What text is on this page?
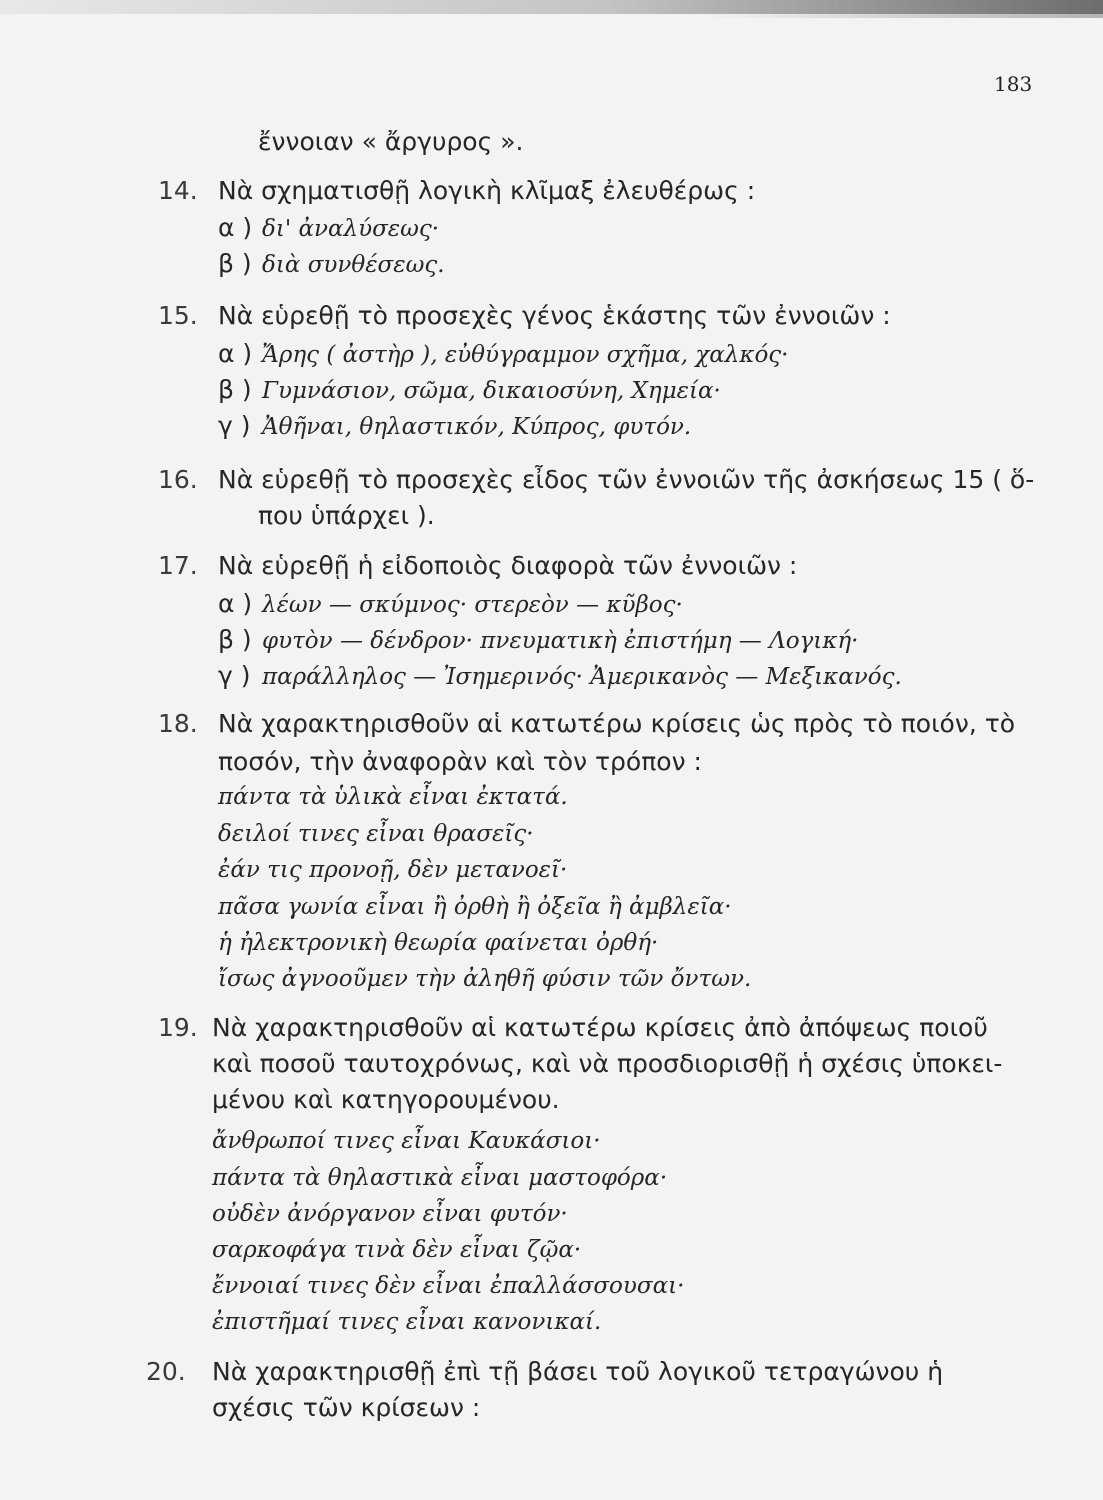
183
ἔννοιαν « ἄργυρος ».
14. Νὰ σχηματισθῇ λογικὴ κλῖμαξ ἐλευθέρως :
α ) δι' ἀναλύσεως·
β ) διὰ συνθέσεως.
15. Νὰ εὑρεθῇ τὸ προσεχὲς γένος ἑκάστης τῶν ἐννοιῶν :
α ) Ἄρης ( ἀστὴρ ), εὐθύγραμμον σχῆμα, χαλκός·
β ) Γυμνάσιον, σῶμα, δικαιοσύνη, Χημεία·
γ ) Ἀθῆναι, θηλαστικόν, Κύπρος, φυτόν.
16. Νὰ εὑρεθῇ τὸ προσεχὲς εἶδος τῶν ἐννοιῶν τῆς ἀσκήσεως 15 ( ὅ-
που ὑπάρχει ).
17. Νὰ εὑρεθῇ ἡ εἰδοποιὸς διαφορὰ τῶν ἐννοιῶν :
α ) λέων — σκύμνος· στερεὸν — κῦβος·
β ) φυτὸν — δένδρον· πνευματικὴ ἐπιστήμη — Λογική·
γ ) παράλληλος — Ἰσημερινός· Ἀμερικανὸς — Μεξικανός.
18. Νὰ χαρακτηρισθοῦν αἱ κατωτέρω κρίσεις ὡς πρὸς τὸ ποιόν, τὸ
ποσόν, τὴν ἀναφορὰν καὶ τὸν τρόπον :
πάντα τὰ ὑλικὰ εἶναι ἐκτατά.
δειλοί τινες εἶναι θρασεῖς·
ἐάν τις προνοῇ, δὲν μετανοεῖ·
πᾶσα γωνία εἶναι ἢ ὀρθὴ ἢ ὀξεῖα ἢ ἀμβλεῖα·
ἡ ἠλεκτρονικὴ θεωρία φαίνεται ὀρθή·
ἴσως ἀγνοοῦμεν τὴν ἀληθῆ φύσιν τῶν ὄντων.
19. Νὰ χαρακτηρισθοῦν αἱ κατωτέρω κρίσεις ἀπὸ ἀπόψεως ποιοῦ
καὶ ποσοῦ ταυτοχρόνως, καὶ νὰ προσδιορισθῇ ἡ σχέσις ὑποκει-
μένου καὶ κατηγορουμένου.
ἄνθρωποί τινες εἶναι Καυκάσιοι·
πάντα τὰ θηλαστικὰ εἶναι μαστοφόρα·
οὐδὲν ἀνόργανον εἶναι φυτόν·
σαρκοφάγα τινὰ δὲν εἶναι ζῷα·
ἔννοιαί τινες δὲν εἶναι ἐπαλλάσσουσαι·
ἐπιστῆμαί τινες εἶναι κανονικαί.
20. Νὰ χαρακτηρισθῇ ἐπὶ τῇ βάσει τοῦ λογικοῦ τετραγώνου ἡ
σχέσις τῶν κρίσεων :
